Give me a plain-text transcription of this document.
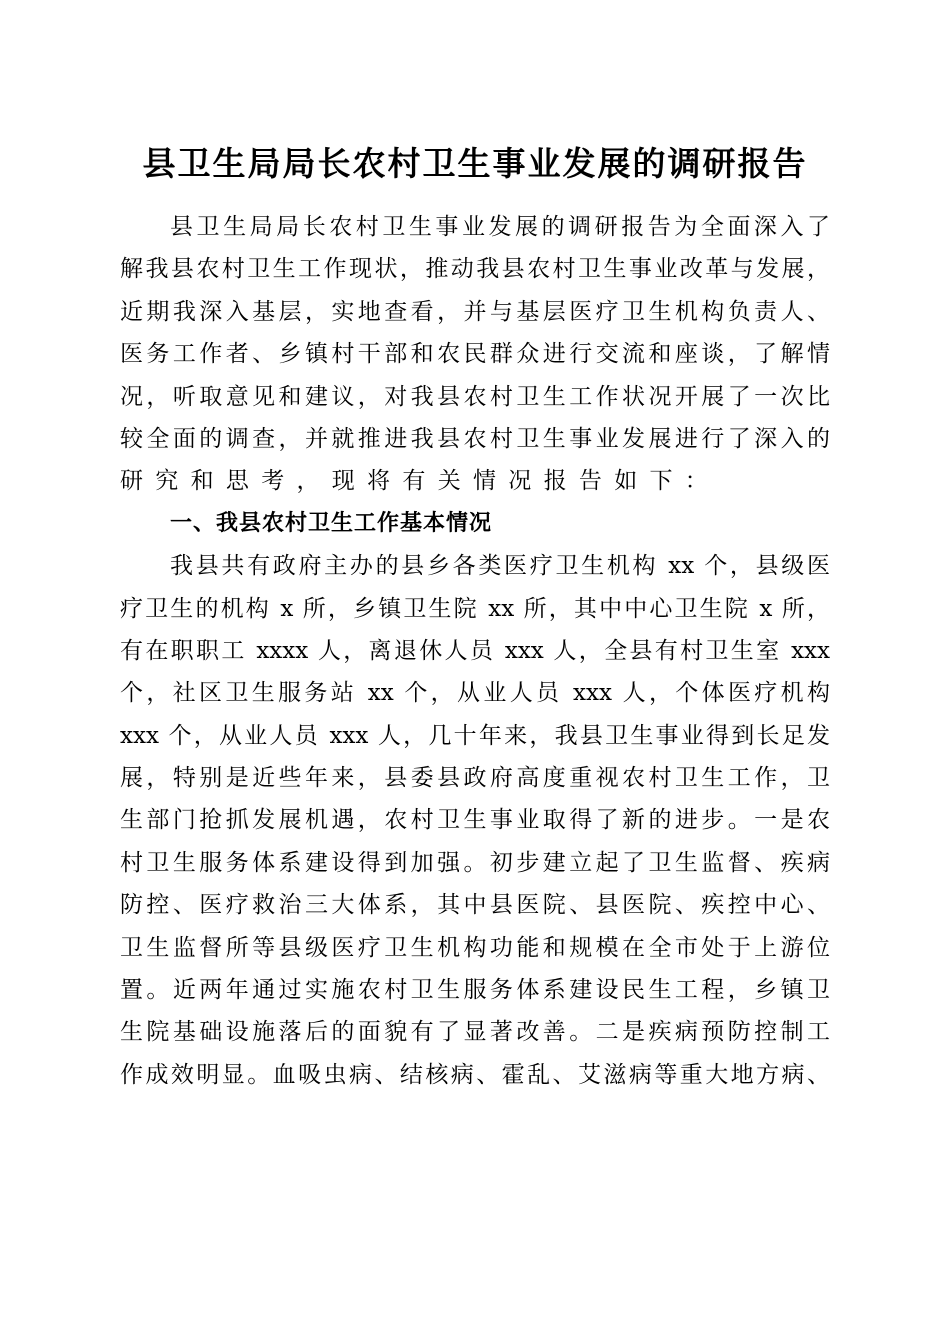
县卫生局局长农村卫生事业发展的调研报告
县卫生局局长农村卫生事业发展的调研报告为全面深入了
解我县农村卫生工作现状，推动我县农村卫生事业改革与发展，
近期我深入基层，实地查看，并与基层医疗卫生机构负责人、
医务工作者、乡镇村干部和农民群众进行交流和座谈，了解情
况，听取意见和建议，对我县农村卫生工作状况开展了一次比
较全面的调查，并就推进我县农村卫生事业发展进行了深入的
研究和思考，现将有关情况报告如下：
一、我县农村卫生工作基本情况
我县共有政府主办的县乡各类医疗卫生机构 xx 个，县级医
疗卫生的机构 x 所，乡镇卫生院 xx 所，其中中心卫生院 x 所，
有在职职工 xxxx 人，离退休人员 xxx 人，全县有村卫生室 xxx
个，社区卫生服务站 xx 个，从业人员 xxx 人，个体医疗机构
xxx 个，从业人员 xxx 人，几十年来，我县卫生事业得到长足发
展，特别是近些年来，县委县政府高度重视农村卫生工作，卫
生部门抢抓发展机遇，农村卫生事业取得了新的进步。一是农
村卫生服务体系建设得到加强。初步建立起了卫生监督、疾病
防控、医疗救治三大体系，其中县医院、县医院、疾控中心、
卫生监督所等县级医疗卫生机构功能和规模在全市处于上游位
置。近两年通过实施农村卫生服务体系建设民生工程，乡镇卫
生院基础设施落后的面貌有了显著改善。二是疾病预防控制工
作成效明显。血吸虫病、结核病、霍乱、艾滋病等重大地方病、
